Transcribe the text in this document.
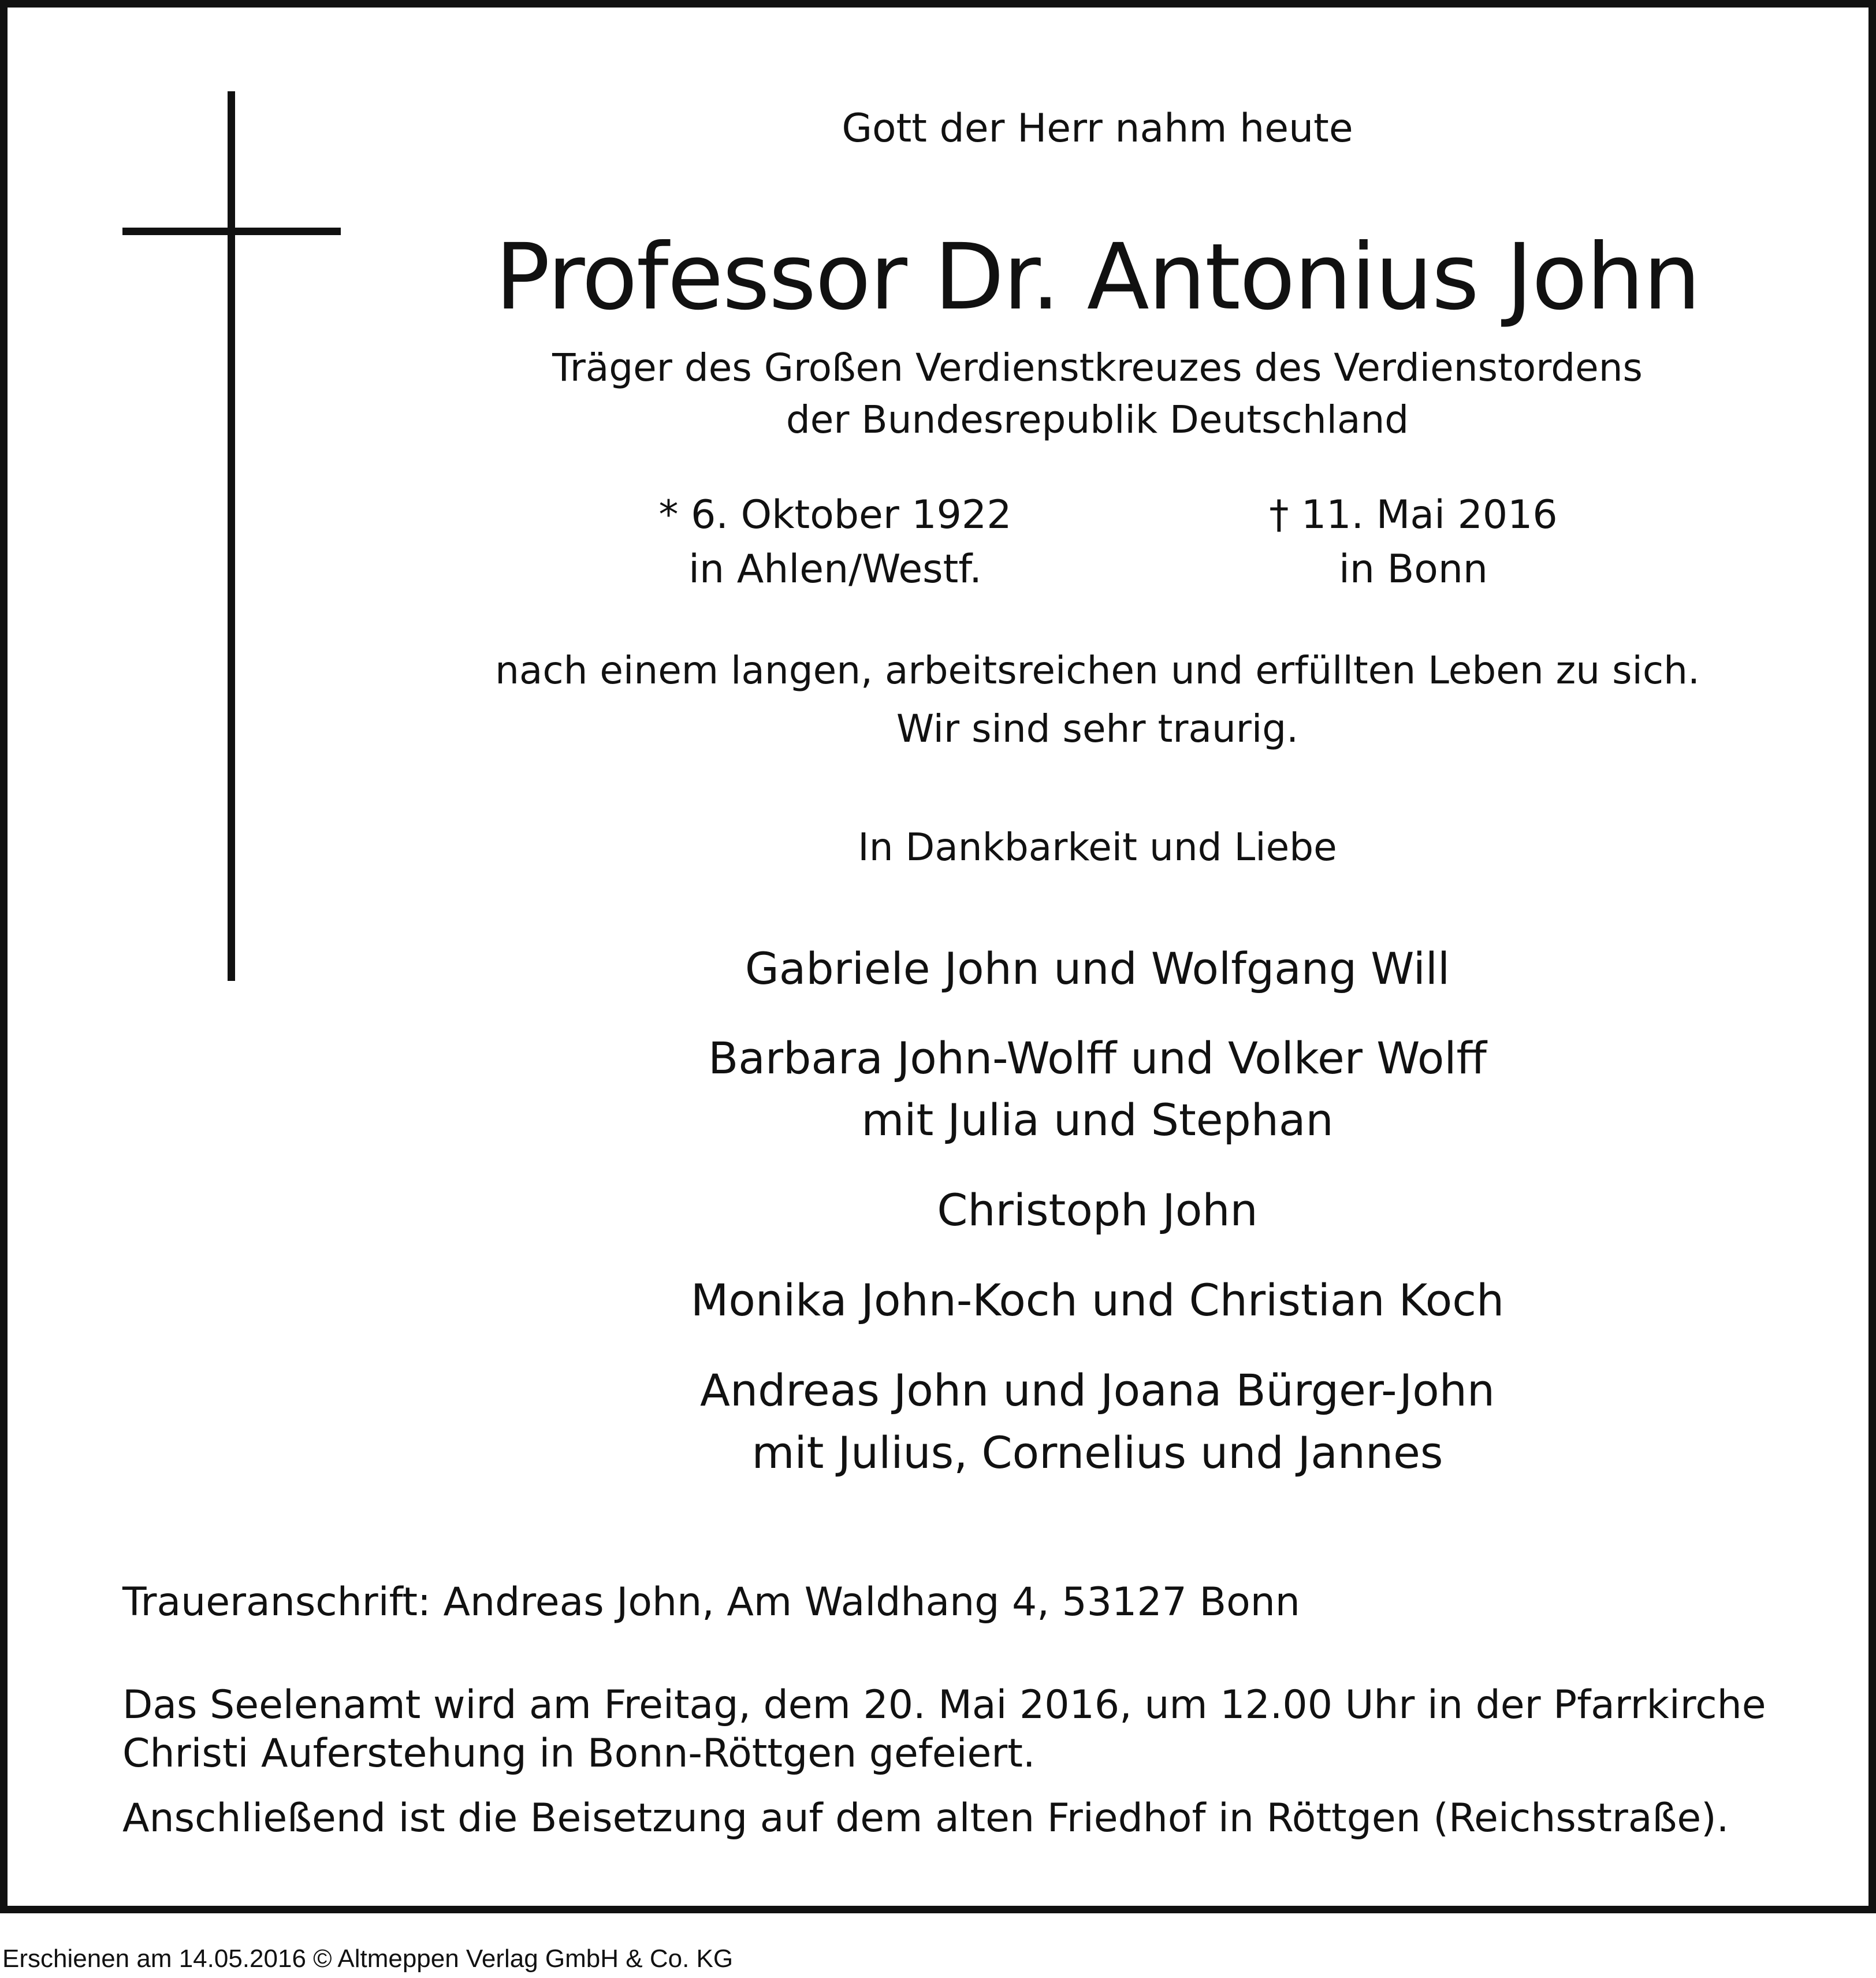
Gott der Herr nahm heute

Professor Dr. Antonius John

Träger des Großen Verdienstkreuzes des Verdienstordens

der Bundesrepublik Deutschland

* 6. Oktober 1922
in Ahlen/Westf.
† 11. Mai 2016
in Bonn

nach einem langen, arbeitsreichen und erfüllten Leben zu sich.

Wir sind sehr traurig.

In Dankbarkeit und Liebe

Gabriele John und Wolfgang Will

Barbara John-Wolff und Volker Wolff

mit Julia und Stephan

Christoph John

Monika John-Koch und Christian Koch

Andreas John und Joana Bürger-John

mit Julius, Cornelius und Jannes

Traueranschrift: Andreas John, Am Waldhang 4, 53127 Bonn

Das Seelenamt wird am Freitag, dem 20. Mai 2016, um 12.00 Uhr in der Pfarrkirche

Christi Auferstehung in Bonn-Röttgen gefeiert.

Anschließend ist die Beisetzung auf dem alten Friedhof in Röttgen (Reichsstraße).

Erschienen am 14.05.2016 © Altmeppen Verlag GmbH & Co. KG
